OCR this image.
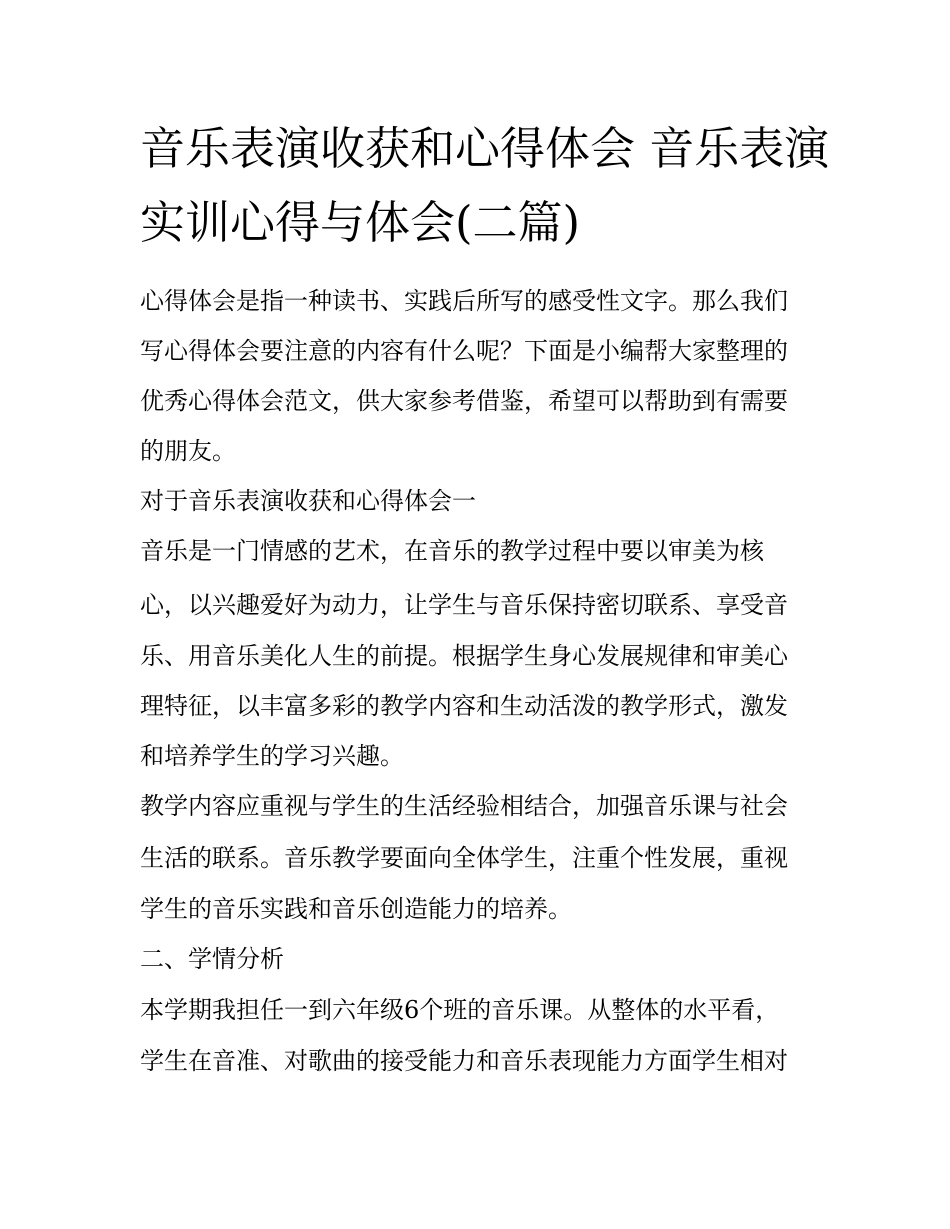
音乐表演收获和心得体会 音乐表演实训心得与体会(二篇)
心得体会是指一种读书、实践后所写的感受性文字。那么我们
写心得体会要注意的内容有什么呢？下面是小编帮大家整理的
优秀心得体会范文，供大家参考借鉴，希望可以帮助到有需要
的朋友。
对于音乐表演收获和心得体会一
音乐是一门情感的艺术，在音乐的教学过程中要以审美为核
心，以兴趣爱好为动力，让学生与音乐保持密切联系、享受音
乐、用音乐美化人生的前提。根据学生身心发展规律和审美心
理特征，以丰富多彩的教学内容和生动活泼的教学形式，激发
和培养学生的学习兴趣。
教学内容应重视与学生的生活经验相结合，加强音乐课与社会
生活的联系。音乐教学要面向全体学生，注重个性发展，重视
学生的音乐实践和音乐创造能力的培养。
二、学情分析
本学期我担任一到六年级6个班的音乐课。从整体的水平看，
学生在音准、对歌曲的接受能力和音乐表现能力方面学生相对
